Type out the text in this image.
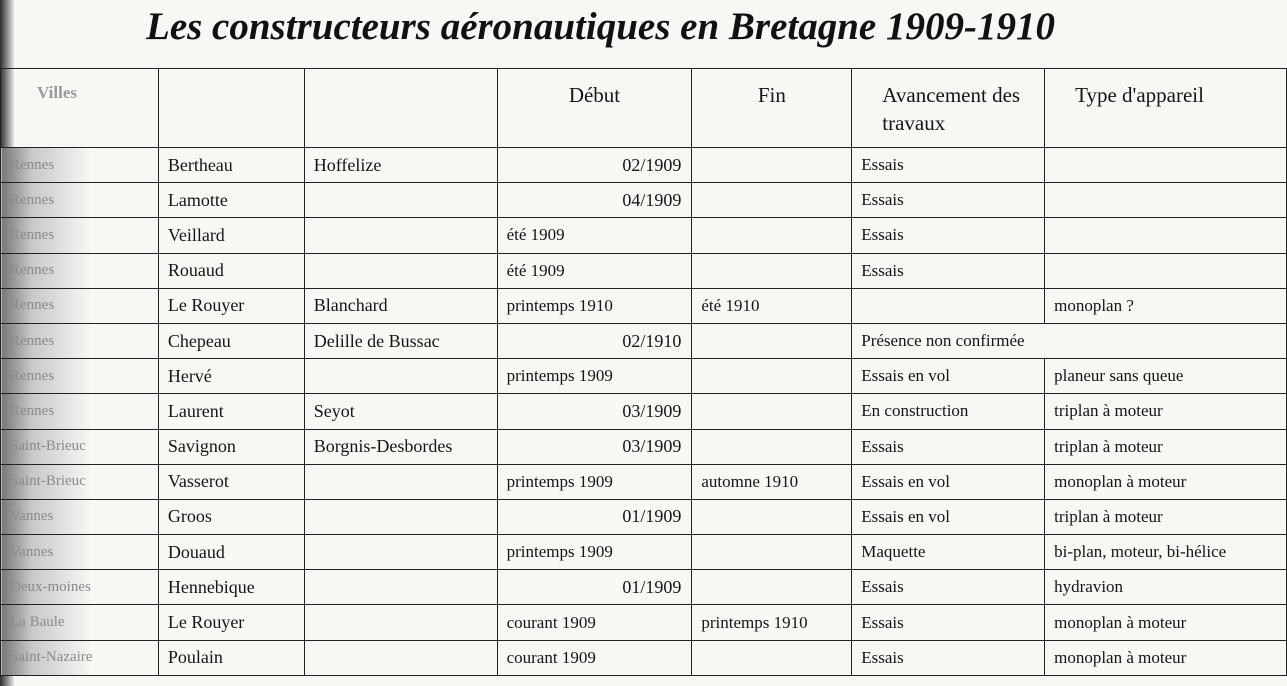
Les constructeurs aéronautiques en Bretagne 1909-1910
Villes			Début	Fin	Avancement des travaux	Type d'appareil
Rennes	Bertheau	Hoffelize	02/1909		Essais	
Rennes	Lamotte		04/1909		Essais	
Rennes	Veillard		été 1909		Essais	
Rennes	Rouaud		été 1909		Essais	
Rennes	Le Rouyer	Blanchard	printemps 1910	été 1910		monoplan ?
Rennes	Chepeau	Delille de Bussac	02/1910		Présence non confirmée	
Rennes	Hervé		printemps 1909		Essais en vol	planeur sans queue
Rennes	Laurent	Seyot	03/1909		En construction	triplan à moteur
Saint-Brieuc	Savignon	Borgnis-Desbordes	03/1909		Essais	triplan à moteur
Saint-Brieuc	Vasserot		printemps 1909	automne 1910	Essais en vol	monoplan à moteur
Vannes	Groos		01/1909		Essais en vol	triplan à moteur
Vannes	Douaud		printemps 1909		Maquette	bi-plan, moteur, bi-hélice
Deux-moines	Hennebique		01/1909		Essais	hydravion
La Baule	Le Rouyer		courant 1909	printemps 1910	Essais	monoplan à moteur
Saint-Nazaire	Poulain		courant 1909		Essais	monoplan à moteur
